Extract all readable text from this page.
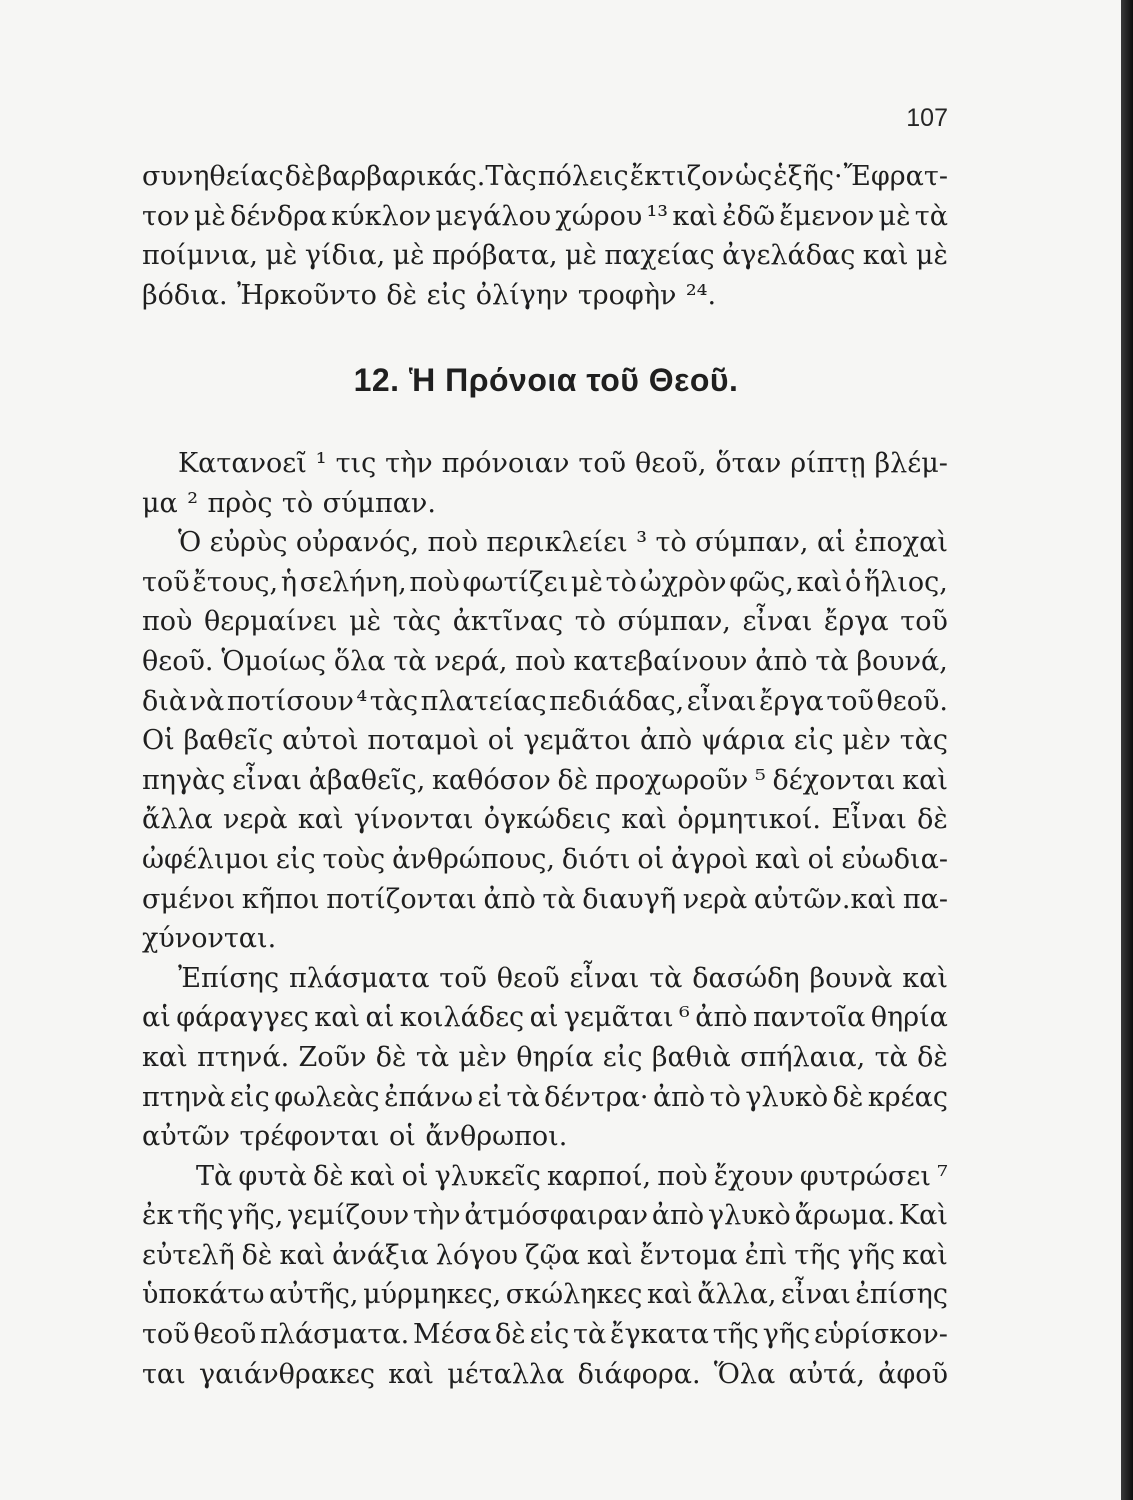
107
συνηθείας δὲ βαρβαρικάς.Τὰς πόλεις ἔκτιζον ὡς ἑξῆς· Ἔφρατ-
τον μὲ δένδρα κύκλον μεγάλου χώρου ¹³ καὶ ἐδῶ ἔμενον μὲ τὰ
ποίμνια, μὲ γίδια, μὲ πρόβατα, μὲ παχείας ἀγελάδας καὶ μὲ
βόδια. Ἠρκοῦντο δὲ εἰς ὀλίγην τροφὴν ²⁴.
12. Ἡ Πρόνοια τοῦ Θεοῦ.
Κατανοεῖ ¹ τις τὴν πρόνοιαν τοῦ θεοῦ, ὅταν ρίπτῃ βλέμ-
μα ² πρὸς τὸ σύμπαν.
Ὁ εὐρὺς οὐρανός, ποὺ περικλείει ³ τὸ σύμπαν, αἱ ἐποχαὶ
τοῦ ἔτους, ἡ σελήνη, ποὺ φωτίζει μὲ τὸ ὠχρὸν φῶς, καὶ ὁ ἥλιος,
ποὺ θερμαίνει μὲ τὰς ἀκτῖνας τὸ σύμπαν, εἶναι ἔργα τοῦ
θεοῦ. Ὁμοίως ὅλα τὰ νερά, ποὺ κατεβαίνουν ἀπὸ τὰ βουνά,
διὰ νὰ ποτίσουν ⁴ τὰς πλατείας πεδιάδας, εἶναι ἔργα τοῦ θεοῦ.
Οἱ βαθεῖς αὐτοὶ ποταμοὶ οἱ γεμᾶτοι ἀπὸ ψάρια εἰς μὲν τὰς
πηγὰς εἶναι ἀβαθεῖς, καθόσον δὲ προχωροῦν ⁵ δέχονται καὶ
ἄλλα νερὰ καὶ γίνονται ὀγκώδεις καὶ ὁρμητικοί. Εἶναι δὲ
ὠφέλιμοι εἰς τοὺς ἀνθρώπους, διότι οἱ ἀγροὶ καὶ οἱ εὐωδια-
σμένοι κῆποι ποτίζονται ἀπὸ τὰ διαυγῆ νερὰ αὐτῶν.καὶ πα-
χύνονται.
Ἐπίσης πλάσματα τοῦ θεοῦ εἶναι τὰ δασώδη βουνὰ καὶ
αἱ φάραγγες καὶ αἱ κοιλάδες αἱ γεμᾶται ⁶ ἀπὸ παντοῖα θηρία
καὶ πτηνά. Ζοῦν δὲ τὰ μὲν θηρία εἰς βαθιὰ σπήλαια, τὰ δὲ
πτηνὰ εἰς φωλεὰς ἐπάνω εἰ τὰ δέντρα· ἀπὸ τὸ γλυκὸ δὲ κρέας
αὐτῶν τρέφονται οἱ ἄνθρωποι.
Τὰ φυτὰ δὲ καὶ οἱ γλυκεῖς καρποί, ποὺ ἔχουν φυτρώσει ⁷
ἐκ τῆς γῆς, γεμίζουν τὴν ἀτμόσφαιραν ἀπὸ γλυκὸ ἄρωμα. Καὶ
εὐτελῆ δὲ καὶ ἀνάξια λόγου ζῷα καὶ ἔντομα ἐπὶ τῆς γῆς καὶ
ὑποκάτω αὐτῆς, μύρμηκες, σκώληκες καὶ ἄλλα, εἶναι ἐπίσης
τοῦ θεοῦ πλάσματα. Μέσα δὲ εἰς τὰ ἔγκατα τῆς γῆς εὑρίσκον-
ται γαιάνθρακες καὶ μέταλλα διάφορα. Ὅλα αὐτά, ἀφοῦ
